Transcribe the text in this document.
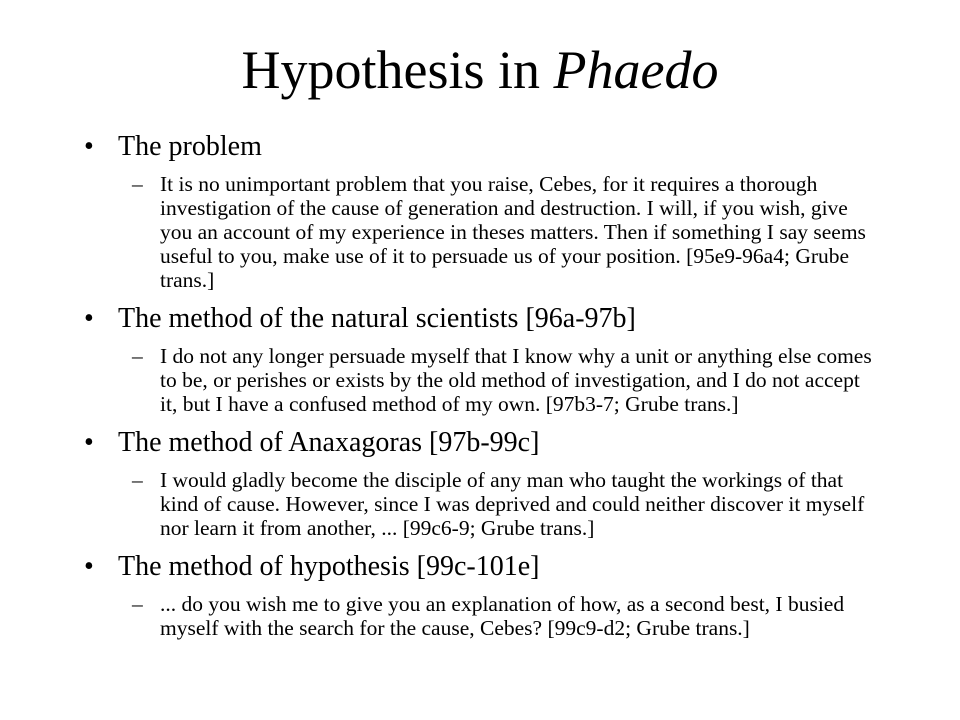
Hypothesis in Phaedo
• The problem
– It is no unimportant problem that you raise, Cebes, for it requires a thorough investigation of the cause of generation and destruction. I will, if you wish, give you an account of my experience in theses matters. Then if something I say seems useful to you, make use of it to persuade us of your position. [95e9-96a4; Grube trans.]
• The method of the natural scientists [96a-97b]
– I do not any longer persuade myself that I know why a unit or anything else comes to be, or perishes or exists by the old method of investigation, and I do not accept it, but I have a confused method of my own. [97b3-7; Grube trans.]
• The method of Anaxagoras [97b-99c]
– I would gladly become the disciple of any man who taught the workings of that kind of cause. However, since I was deprived and could neither discover it myself nor learn it from another, ... [99c6-9; Grube trans.]
• The method of hypothesis [99c-101e]
– ... do you wish me to give you an explanation of how, as a second best, I busied myself with the search for the cause, Cebes? [99c9-d2; Grube trans.]
